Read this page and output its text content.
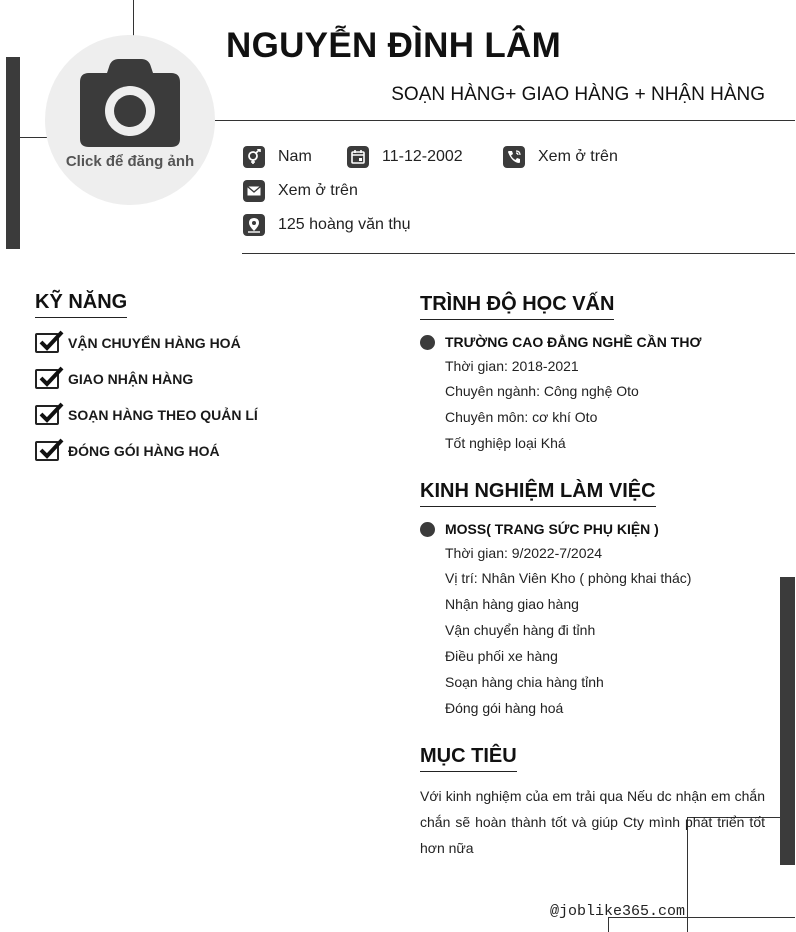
Click để đăng ảnh
NGUYỄN ĐÌNH LÂM
SOẠN HÀNG+ GIAO HÀNG + NHẬN HÀNG
Nam	11-12-2002	Xem ở trên
Xem ở trên
125 hoàng văn thụ
KỸ NĂNG
VẬN CHUYỂN HÀNG HOÁ
GIAO NHẬN HÀNG
SOẠN HÀNG THEO QUẢN LÍ
ĐÓNG GÓI HÀNG HOÁ
TRÌNH ĐỘ HỌC VẤN
TRƯỜNG CAO ĐẲNG NGHỀ CẦN THƠ
Thời gian: 2018-2021
Chuyên ngành: Công nghệ Oto
Chuyên môn: cơ khí Oto
Tốt nghiệp loại Khá
KINH NGHIỆM LÀM VIỆC
MOSS( TRANG SỨC PHỤ KIỆN )
Thời gian: 9/2022-7/2024
Vị trí: Nhân Viên Kho ( phòng khai thác)
Nhận hàng giao hàng
Vận chuyển hàng đi tỉnh
Điều phối xe hàng
Soạn hàng chia hàng tỉnh
Đóng gói hàng hoá
MỤC TIÊU
Với kinh nghiệm của em trải qua Nếu dc nhận em chắn chắn sẽ hoàn thành tốt và giúp Cty mình phát triển tốt hơn nữa
@joblike365.com
